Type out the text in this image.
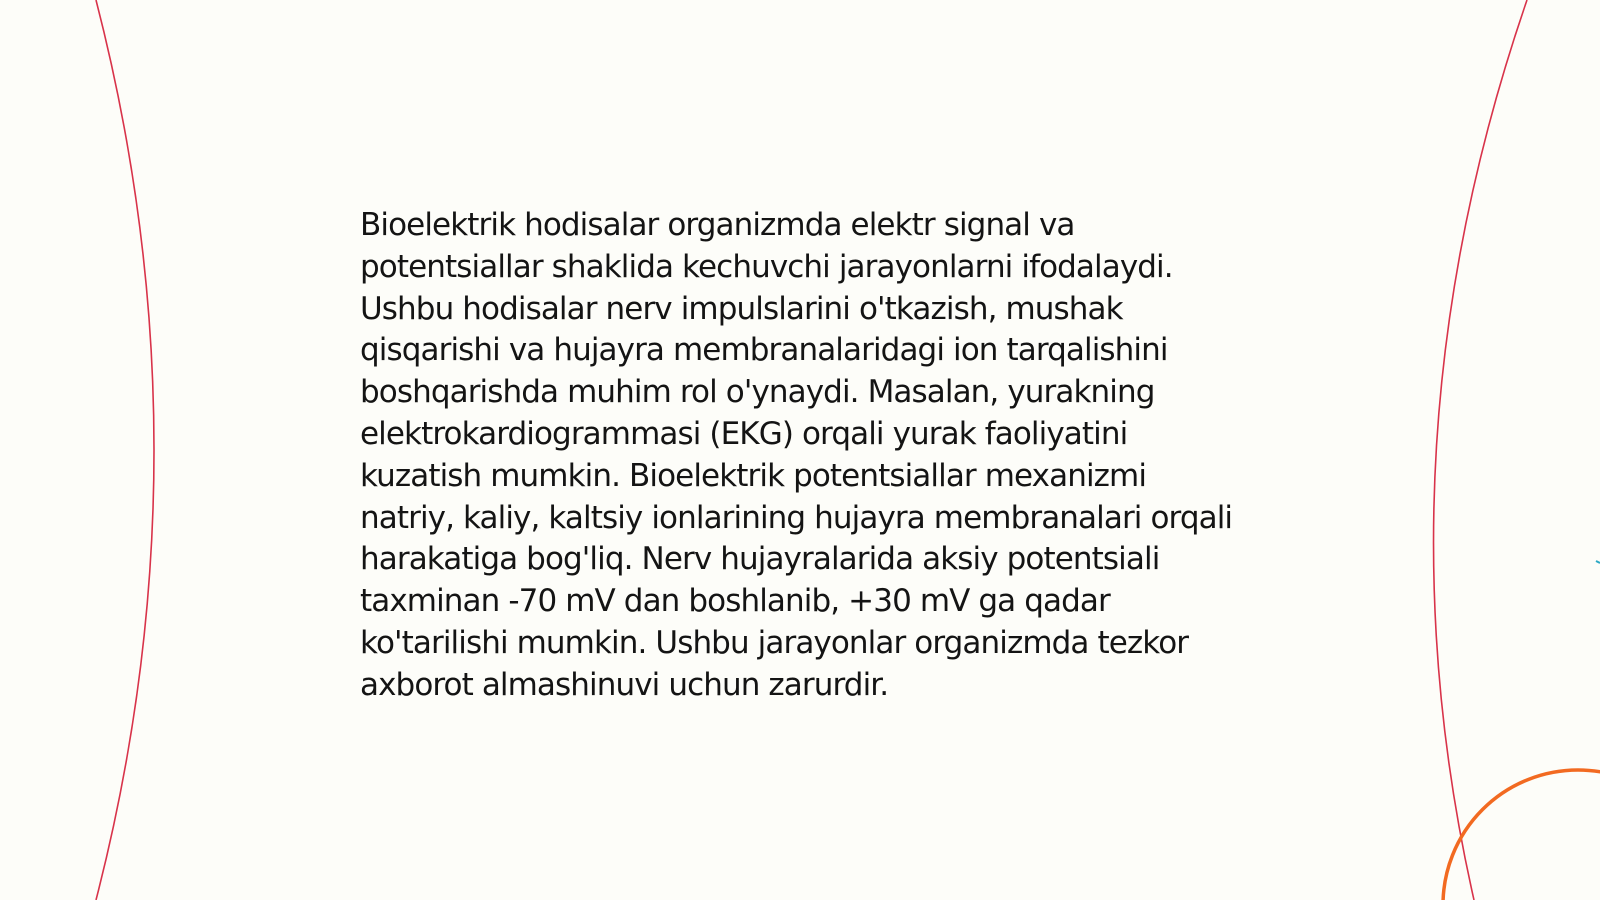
Bioelektrik hodisalar organizmda elektr signal va potentsiallar shaklida kechuvchi jarayonlarni ifodalaydi. Ushbu hodisalar nerv impulslarini o'tkazish, mushak qisqarishi va hujayra membranalaridagi ion tarqalishini boshqarishda muhim rol o'ynaydi. Masalan, yurakning elektrokardiogrammasi (EKG) orqali yurak faoliyatini kuzatish mumkin. Bioelektrik potentsiallar mexanizmi natriy, kaliy, kaltsiy ionlarining hujayra membranalari orqali harakatiga bog'liq. Nerv hujayralarida aksiy potentsiali taxminan -70 mV dan boshlanib, +30 mV ga qadar ko'tarilishi mumkin. Ushbu jarayonlar organizmda tezkor axborot almashinuvi uchun zarurdir.
